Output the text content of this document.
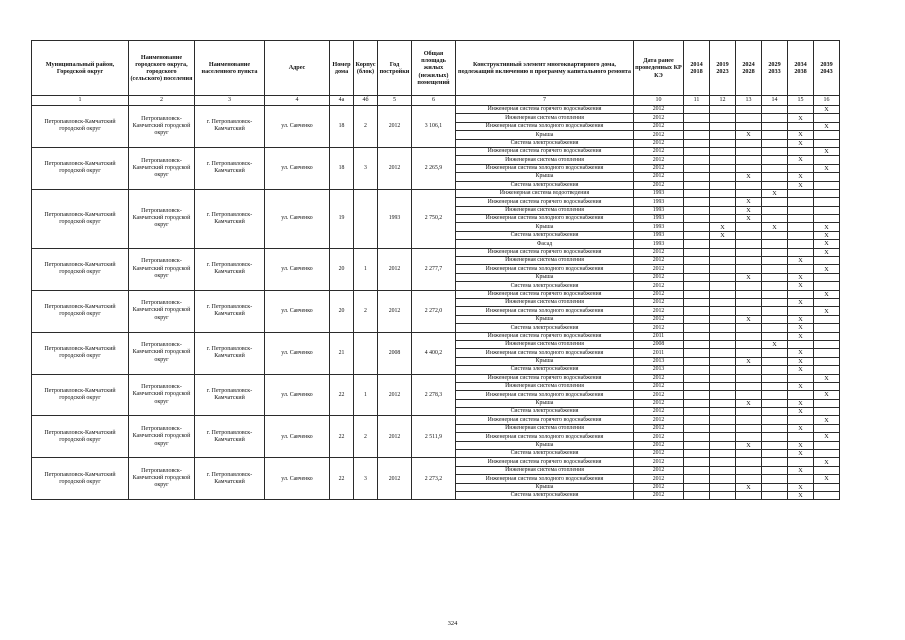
Муниципальный район, Городской округ	Наименование городского округа, городского (сельского) поселения	Наименование населенного пункта	Адрес	Номер дома	Корпус (блок)	Год постройки	Общая площадь жилых (нежилых) помещений	Конструктивный элемент многоквартирного дома, подлежащий включению в программу капитального ремонта	Дата ранее проведенных КР КЭ	2014 2018	2019 2023	2024 2028	2029 2033	2034 2038	2039 2043
1	2	3	4	4а	4б	5	6	7	10	11	12	13	14	15	16
Петропавловск-Камчатский городской округ	Петропавловск-Камчатский городской округ	г. Петропавловск-Камчатский	ул. Савченко	18	2	2012	3 106,1	Инженерная система горячего водоснабжения	2012						X
								Инженерная система отопления	2012					X	
								Инженерная система холодного водоснабжения	2012						X
								Крыша	2012			X		X	
								Система электроснабжения	2012					X	
Петропавловск-Камчатский городской округ	Петропавловск-Камчатский городской округ	г. Петропавловск-Камчатский	ул. Савченко	18	3	2012	2 265,9	Инженерная система горячего водоснабжения	2012						X
								Инженерная система отопления	2012					X	
								Инженерная система холодного водоснабжения	2012						X
								Крыша	2012			X		X	
								Система электроснабжения	2012					X	
Петропавловск-Камчатский городской округ	Петропавловск-Камчатский городской округ	г. Петропавловск-Камчатский	ул. Савченко	19		1993	2 750,2	Инженерная система водоотведения	1993				X		
								Инженерная система горячего водоснабжения	1993			X			
								Инженерная система отопления	1993			X			
								Инженерная система холодного водоснабжения	1993			X			
								Крыша	1993		X		X		X
								Система электроснабжения	1993		X				X
								Фасад	1993						X
Петропавловск-Камчатский городской округ	Петропавловск-Камчатский городской округ	г. Петропавловск-Камчатский	ул. Савченко	20	1	2012	2 277,7	Инженерная система горячего водоснабжения	2012						X
								Инженерная система отопления	2012					X	
								Инженерная система холодного водоснабжения	2012						X
								Крыша	2012			X		X	
								Система электроснабжения	2012					X	
Петропавловск-Камчатский городской округ	Петропавловск-Камчатский городской округ	г. Петропавловск-Камчатский	ул. Савченко	20	2	2012	2 272,0	Инженерная система горячего водоснабжения	2012						X
								Инженерная система отопления	2012					X	
								Инженерная система холодного водоснабжения	2012						X
								Крыша	2012			X		X	
								Система электроснабжения	2012					X	
Петропавловск-Камчатский городской округ	Петропавловск-Камчатский городской округ	г. Петропавловск-Камчатский	ул. Савченко	21		2008	4 400,2	Инженерная система горячего водоснабжения	2011					X	
								Инженерная система отопления	2008				X		
								Инженерная система холодного водоснабжения	2011					X	
								Крыша	2013			X		X	
								Система электроснабжения	2013					X	
Петропавловск-Камчатский городской округ	Петропавловск-Камчатский городской округ	г. Петропавловск-Камчатский	ул. Савченко	22	1	2012	2 278,3	Инженерная система горячего водоснабжения	2012						X
								Инженерная система отопления	2012					X	
								Инженерная система холодного водоснабжения	2012						X
								Крыша	2012			X		X	
								Система электроснабжения	2012					X	
Петропавловск-Камчатский городской округ	Петропавловск-Камчатский городской округ	г. Петропавловск-Камчатский	ул. Савченко	22	2	2012	2 511,9	Инженерная система горячего водоснабжения	2012						X
								Инженерная система отопления	2012					X	
								Инженерная система холодного водоснабжения	2012						X
								Крыша	2012			X		X	
								Система электроснабжения	2012					X	
Петропавловск-Камчатский городской округ	Петропавловск-Камчатский городской округ	г. Петропавловск-Камчатский	ул. Савченко	22	3	2012	2 273,2	Инженерная система горячего водоснабжения	2012						X
								Инженерная система отопления	2012					X	
								Инженерная система холодного водоснабжения	2012						X
								Крыша	2012			X		X	
								Система электроснабжения	2012					X	
324
